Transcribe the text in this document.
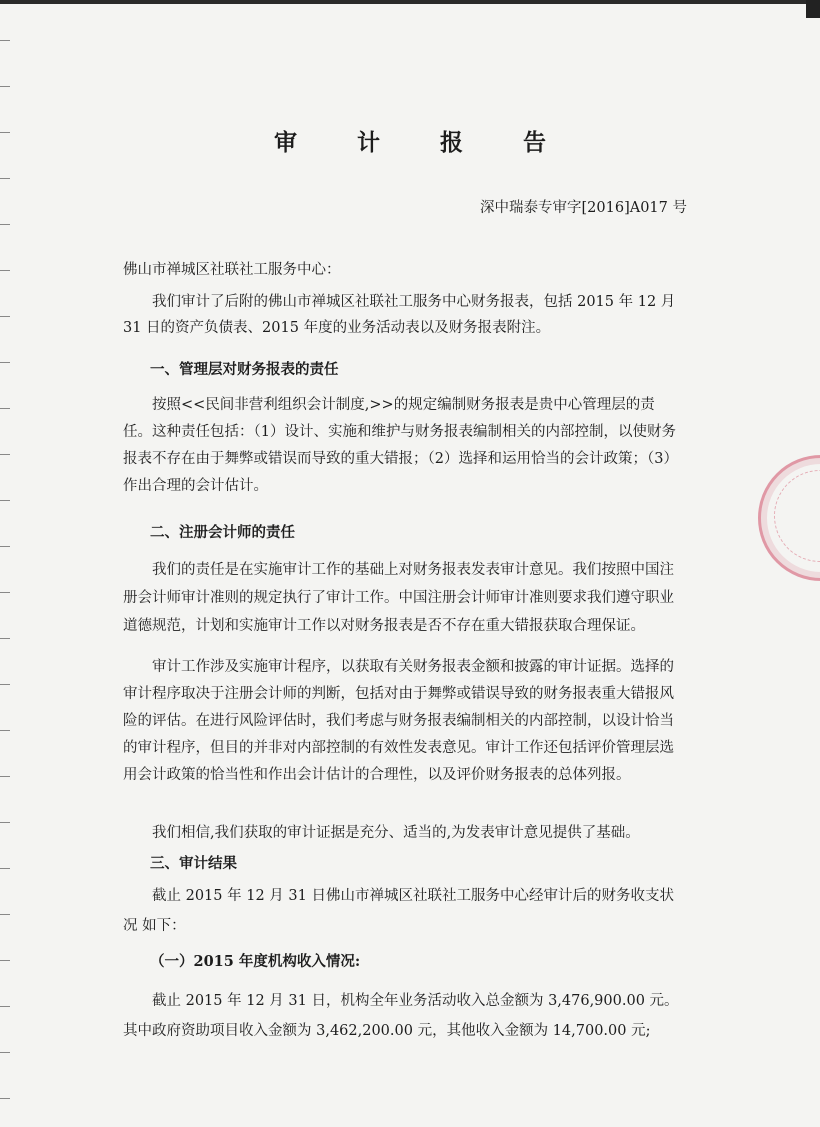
审 计 报 告
深中瑞泰专审字[2016]A017 号
佛山市禅城区社联社工服务中心：
我们审计了后附的佛山市禅城区社联社工服务中心财务报表，包括 2015 年 12 月 31 日的资产负债表、2015 年度的业务活动表以及财务报表附注。
一、管理层对财务报表的责任
按照<<民间非营利组织会计制度,>>的规定编制财务报表是贵中心管理层的责任。这种责任包括：（1）设计、实施和维护与财务报表编制相关的内部控制，以使财务报表不存在由于舞弊或错误而导致的重大错报；（2）选择和运用恰当的会计政策；（3）作出合理的会计估计。
二、注册会计师的责任
我们的责任是在实施审计工作的基础上对财务报表发表审计意见。我们按照中国注册会计师审计准则的规定执行了审计工作。中国注册会计师审计准则要求我们遵守职业道德规范，计划和实施审计工作以对财务报表是否不存在重大错报获取合理保证。
审计工作涉及实施审计程序，以获取有关财务报表金额和披露的审计证据。选择的审计程序取决于注册会计师的判断，包括对由于舞弊或错误导致的财务报表重大错报风险的评估。在进行风险评估时，我们考虑与财务报表编制相关的内部控制，以设计恰当的审计程序，但目的并非对内部控制的有效性发表意见。审计工作还包括评价管理层选用会计政策的恰当性和作出会计估计的合理性，以及评价财务报表的总体列报。
我们相信,我们获取的审计证据是充分、适当的,为发表审计意见提供了基础。
三、审计结果
截止 2015 年 12 月 31 日佛山市禅城区社联社工服务中心经审计后的财务收支状况 如下：
（一）2015 年度机构收入情况:
截止 2015 年 12 月 31 日，机构全年业务活动收入总金额为 3,476,900.00 元。其中政府资助项目收入金额为 3,462,200.00 元，其他收入金额为 14,700.00 元;
